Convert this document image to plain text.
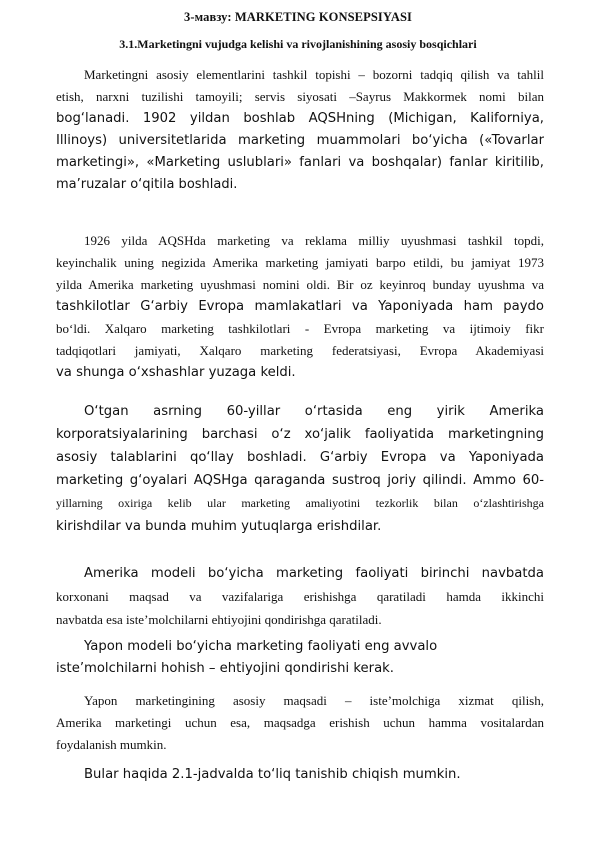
3-мавзу: MARKETING KONSEPSIYASI
3.1.Marketingni vujudga kelishi va rivojlanishining asosiy bosqichlari
Marketingni asosiy elementlarini tashkil topishi – bozorni tadqiq qilish va tahlil
etish, narxni tuzilishi tamoyili; servis siyosati –Sayrus Makkormek nomi bilan
bog‘lanadi. 1902 yildan boshlab AQSHning (Michigan, Kaliforniya,
Illinoys) universitetlarida marketing muammolari bo‘yicha («Tovarlar
marketingi», «Marketing uslublari» fanlari va boshqalar) fanlar kiritilib,
ma’ruzalar o‘qitila boshladi.
1926 yilda AQSHda marketing va reklama milliy uyushmasi tashkil topdi,
keyinchalik uning negizida Amerika marketing jamiyati barpo etildi, bu jamiyat 1973
yilda Amerika marketing uyushmasi nomini oldi. Bir oz keyinroq bunday uyushma va
tashkilotlar G‘arbiy Evropa mamlakatlari va Yaponiyada ham paydo
bo‘ldi. Xalqaro marketing tashkilotlari - Evropa marketing va ijtimoiy fikr
tadqiqotlari jamiyati, Xalqaro marketing federatsiyasi, Evropa Akademiyasi
va shunga o‘xshashlar yuzaga keldi.
O‘tgan asrning 60-yillar o‘rtasida eng yirik Amerika
korporatsiyalarining barchasi o‘z xo‘jalik faoliyatida marketingning
asosiy talablarini qo‘llay boshladi. G‘arbiy Evropa va Yaponiyada
marketing g‘oyalari AQSHga qaraganda sustroq joriy qilindi. Ammo 60-
yillarning oxiriga kelib ular marketing amaliyotini tezkorlik bilan o‘zlashtirishga
kirishdilar va bunda muhim yutuqlarga erishdilar.
Amerika modeli bo‘yicha marketing faoliyati birinchi navbatda
korxonani maqsad va vazifalariga erishishga qaratiladi hamda ikkinchi
navbatda esa iste’molchilarni ehtiyojini qondirishga qaratiladi.
Yapon modeli bo‘yicha marketing faoliyati eng avvalo
iste’molchilarni hohish – ehtiyojini qondirishi kerak.
Yapon marketingining asosiy maqsadi – iste’molchiga xizmat qilish,
Amerika marketingi uchun esa, maqsadga erishish uchun hamma vositalardan
foydalanish mumkin.
Bular haqida 2.1-jadvalda to‘liq tanishib chiqish mumkin.
